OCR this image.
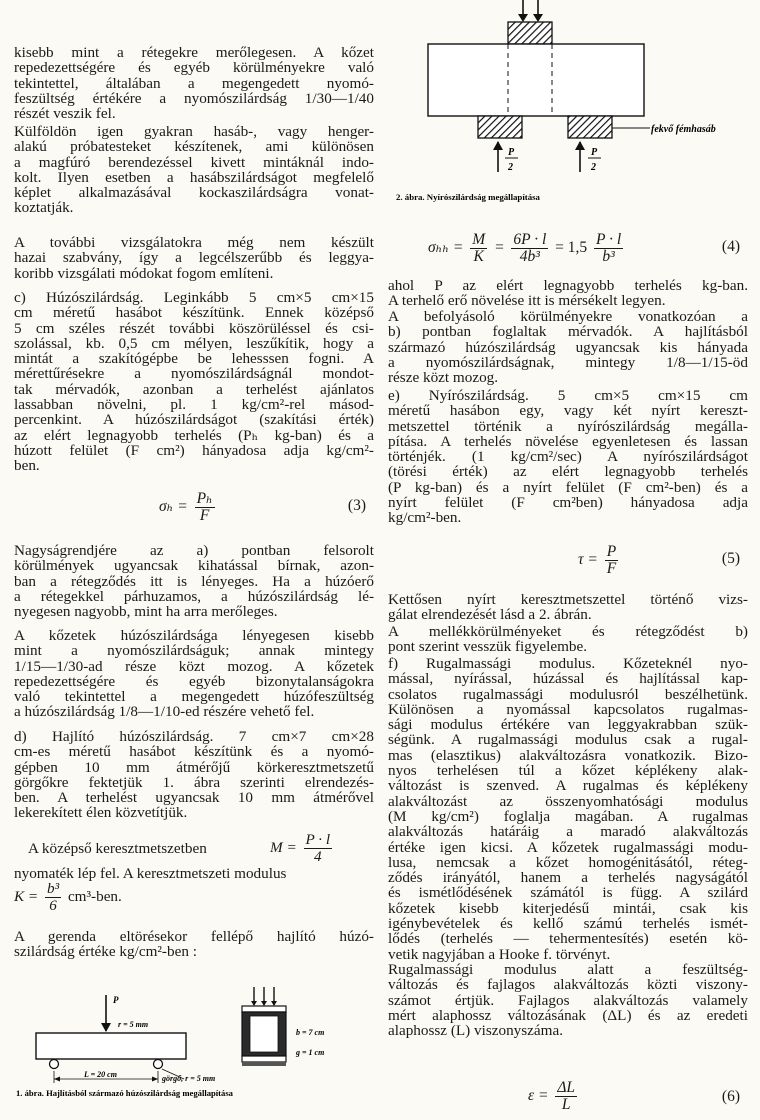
kisebb mint a rétegekre merőlegesen. A kőzet
repedezettségére és egyéb körülményekre való
tekintettel, általában a megengedett nyomó-
feszültség értékére a nyomószilárdság 1/30—1/40
részét veszik fel.
Külföldön igen gyakran hasáb-, vagy henger-
alakú próbatesteket készítenek, ami különösen
a magfúró berendezéssel kivett mintáknál indo-
kolt. Ilyen esetben a hasábszilárdságot megfelelő
képlet alkalmazásával kockaszilárdságra vonat-
koztatják.
A további vizsgálatokra még nem készült
hazai szabvány, így a legcélszerűbb és leggya-
koribb vizsgálati módokat fogom említeni.
c) Húzószilárdság. Leginkább 5 cm×5 cm×15
cm méretű hasábot készítünk. Ennek középső
5 cm széles részét további köszörüléssel és csi-
szolással, kb. 0,5 cm mélyen, leszűkítik, hogy a
mintát a szakítógépbe be lehesssen fogni. A
mérettűrésekre a nyomószilárdságnál mondot-
tak mérvadók, azonban a terhelést ajánlatos
lassabban növelni, pl. 1 kg/cm²-rel másod-
percenkint. A húzószilárdságot (szakítási érték)
az elért legnagyobb terhelés (Pₕ kg-ban) és a
húzott felület (F cm²) hányadosa adja kg/cm²-
ben.
$\sigma_h = \frac{\text{Pₕ}}{F}$	(3)
Nagyságrendjére az a) pontban felsorolt
körülmények ugyancsak kihatással bírnak, azon-
ban a rétegződés itt is lényeges. Ha a húzóerő
a rétegekkel párhuzamos, a húzószilárdság lé-
nyegesen nagyobb, mint ha arra merőleges.
A kőzetek húzószilárdsága lényegesen kisebb
mint a nyomószilárdságuk; annak mintegy
1/15—1/30-ad része közt mozog. A kőzetek
repedezettségére és egyéb bizonytalanságokra
való tekintettel a megengedett húzófeszültség
a húzószilárdság 1/8—1/10-ed részére vehető fel.
d) Hajlító húzószilárdság. 7 cm×7 cm×28
cm-es méretű hasábot készítünk és a nyomó-
gépben 10 mm átmérőjű körkeresztmetszetű
görgőkre fektetjük 1. ábra szerinti elrendezés-
ben. A terhelést ugyancsak 10 mm átmérővel
lekerekített élen közvetítjük.
A középső keresztmetszetben	$M = \frac{P \cdot l}{4}$
nyomaték lép fel. A keresztmetszeti modulus
$K = \frac{\text{b³}}{6} cm^3-ben$.
A gerenda eltörésekor fellépő hajlító húzó-
szilárdság értéke kg/cm²-ben :
P
r = 5 mm
L = 20 cm	görgő, r = 5 mm
b = 7 cm
g = 1 cm
1. ábra. Hajlításból származó húzószilárdság megállapítása
fekvő fémhasáb
P
2
P
2
2. ábra. Nyírószilárdság megállapítása
$\sigma_{hh} = \frac{M}{K} = \frac{6P \cdot l}{\text{4b³}} = 1,5 \frac{P \cdot l}{\text{b³}}$	(4)
ahol P az elért legnagyobb terhelés kg-ban.
A terhelő erő növelése itt is mérsékelt legyen.
A befolyásoló körülményekre vonatkozóan a
b) pontban foglaltak mérvadók. A hajlításból
származó húzószilárdság ugyancsak kis hányada
a nyomószilárdságnak, mintegy 1/8—1/15-öd
része közt mozog.
e) Nyírószilárdság. 5 cm×5 cm×15 cm
méretű hasábon egy, vagy két nyírt kereszt-
metszettel történik a nyírószilárdság megálla-
pítása. A terhelés növelése egyenletesen és lassan
történjék. (1 kg/cm²/sec) A nyírószilárdságot
(törési érték) az elért legnagyobb terhelés
(P kg-ban) és a nyírt felület (F cm²-ben) és a
nyírt felület (F cm²ben) hányadosa adja
kg/cm²-ben.
$\tau = \frac{P}{F}$	(5)
Kettősen nyírt keresztmetszettel történő vizs-
gálat elrendezését lásd a 2. ábrán.
A mellékkörülményeket és rétegződést b)
pont szerint vesszük figyelembe.
f) Rugalmassági modulus. Kőzeteknél nyo-
mással, nyírással, húzással és hajlítással kap-
csolatos rugalmassági modulusról beszélhetünk.
Különösen a nyomással kapcsolatos rugalmas-
sági modulus értékére van leggyakrabban szük-
ségünk. A rugalmassági modulus csak a rugal-
mas (elasztikus) alakváltozásra vonatkozik. Bizo-
nyos terhelésen túl a kőzet képlékeny alak-
változást is szenved. A rugalmas és képlékeny
alakváltozást az összenyomhatósági modulus
(M kg/cm²) foglalja magában. A rugalmas
alakváltozás határáig a maradó alakváltozás
értéke igen kicsi. A kőzetek rugalmassági modu-
lusa, nemcsak a kőzet homogénitásától, réteg-
ződés irányától, hanem a terhelés nagyságától
és ismétlődésének számától is függ. A szilárd
kőzetek kisebb kiterjedésű mintái, csak kis
igénybevételek és kellő számú terhelés ismét-
lődés (terhelés — tehermentesítés) esetén kö-
vetik nagyjában a Hooke f. törvényt.
Rugalmassági modulus alatt a feszültség-
változás és fajlagos alakváltozás közti viszony-
számot értjük. Fajlagos alakváltozás valamely
mért alaphossz változásának (ΔL) és az eredeti
alaphossz (L) viszonyszáma.
$\varepsilon = \frac{\Delta L}{L}$	(6)
